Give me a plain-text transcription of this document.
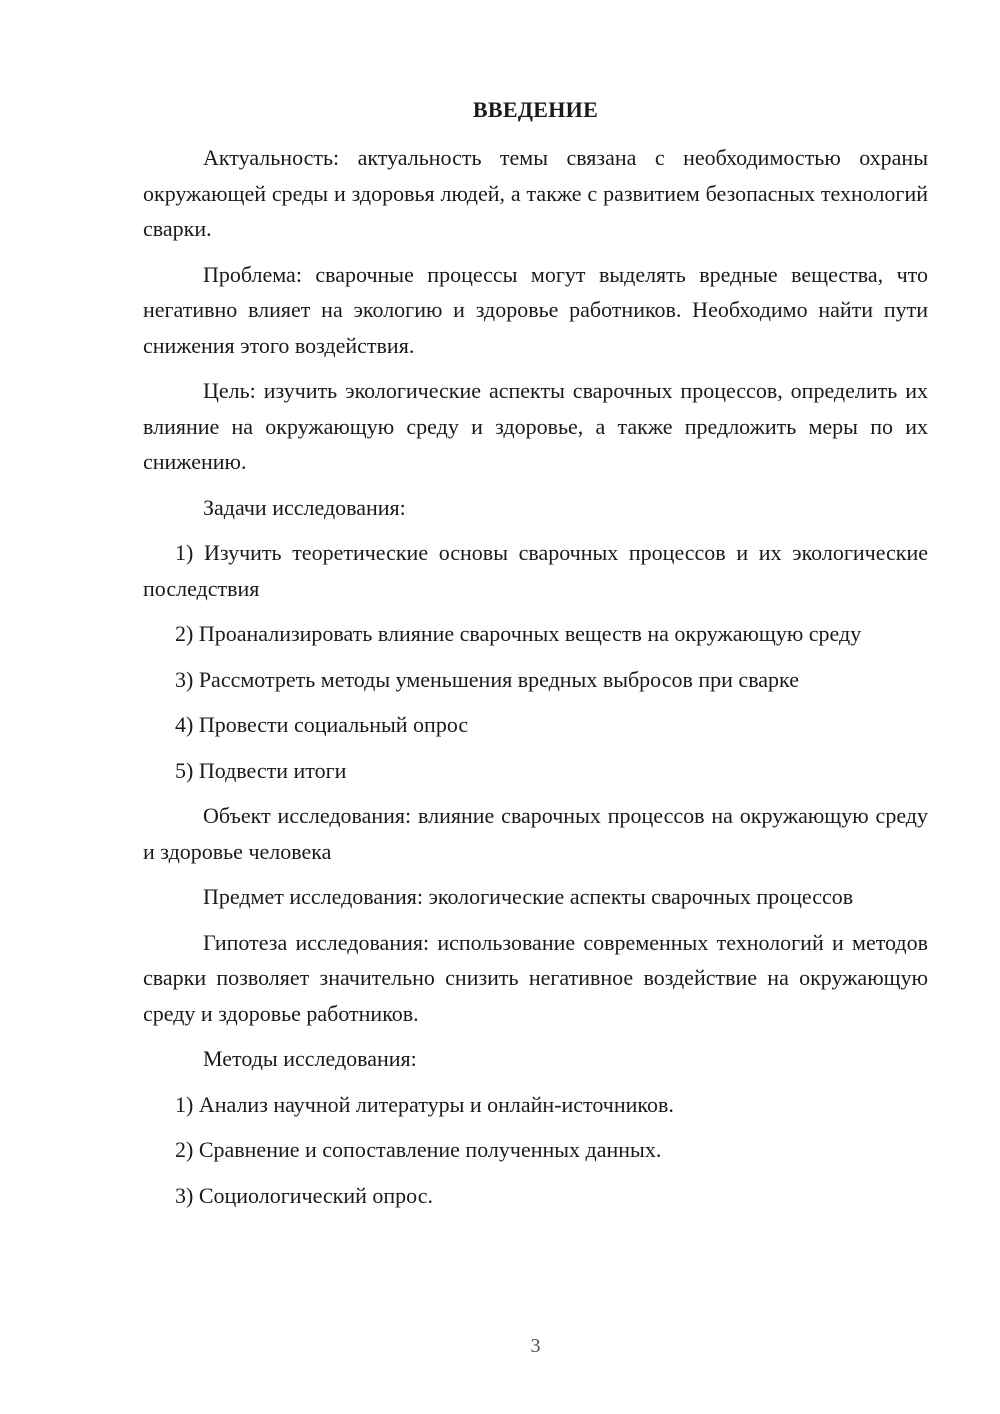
ВВЕДЕНИЕ

Актуальность: актуальность темы связана с необходимостью охраны окружающей среды и здоровья людей, а также с развитием безопасных технологий сварки.

Проблема: сварочные процессы могут выделять вредные вещества, что негативно влияет на экологию и здоровье работников. Необходимо найти пути снижения этого воздействия.

Цель: изучить экологические аспекты сварочных процессов, определить их влияние на окружающую среду и здоровье, а также предложить меры по их снижению.

Задачи исследования:

1) Изучить теоретические основы сварочных процессов и их экологические последствия

2) Проанализировать влияние сварочных веществ на окружающую среду

3) Рассмотреть методы уменьшения вредных выбросов при сварке

4) Провести социальный опрос

5) Подвести итоги

Объект исследования: влияние сварочных процессов на окружающую среду и здоровье человека

Предмет исследования: экологические аспекты сварочных процессов

Гипотеза исследования: использование современных технологий и методов сварки позволяет значительно снизить негативное воздействие на окружающую среду и здоровье работников.

Методы исследования:

1) Анализ научной литературы и онлайн-источников.

2) Сравнение и сопоставление полученных данных.

3) Социологический опрос.

3
